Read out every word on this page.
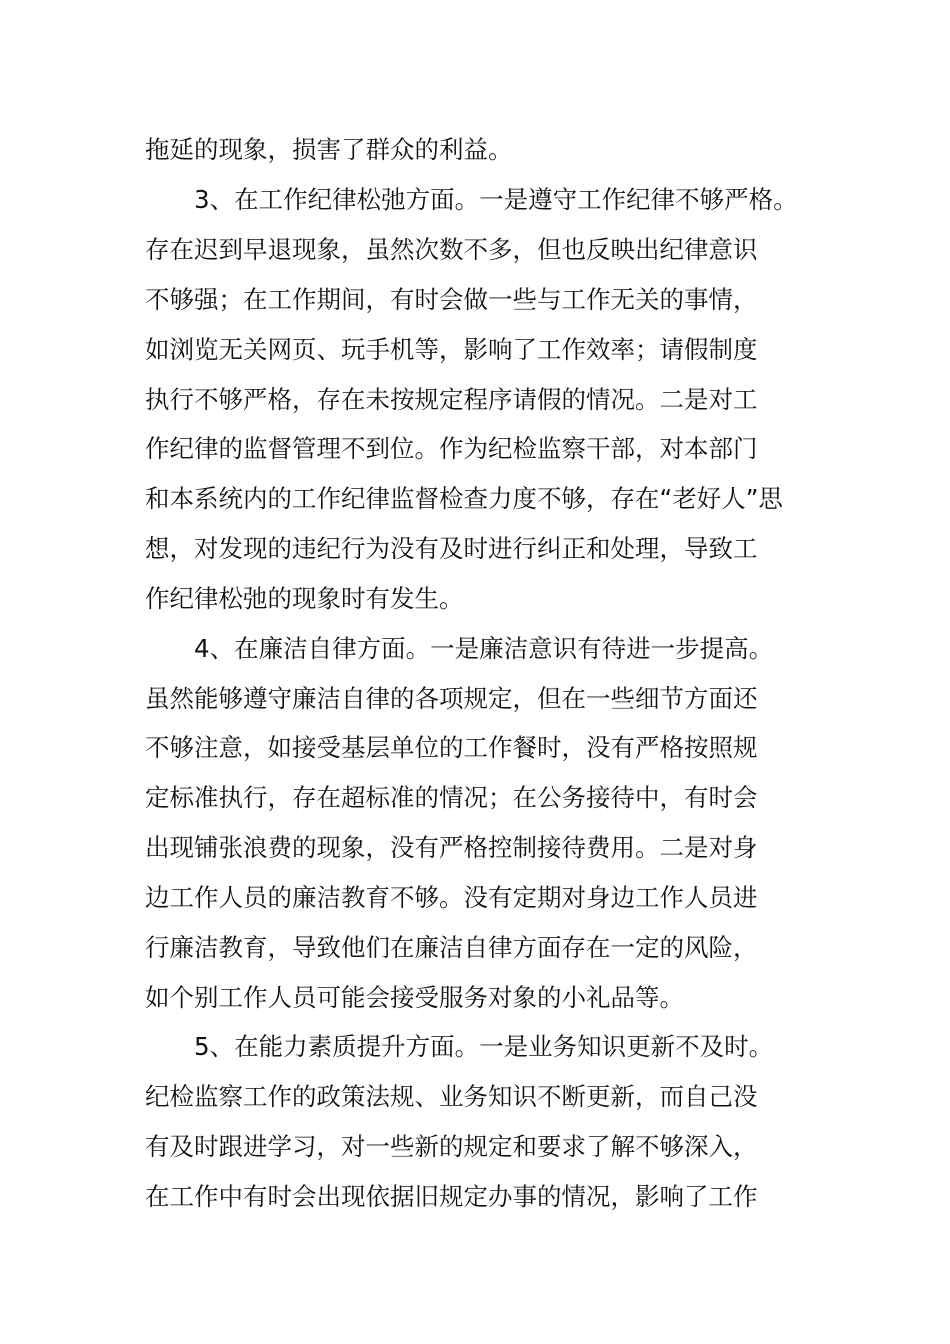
拖延的现象，损害了群众的利益。
3、在工作纪律松弛方面。一是遵守工作纪律不够严格。
存在迟到早退现象，虽然次数不多，但也反映出纪律意识
不够强；在工作期间，有时会做一些与工作无关的事情，
如浏览无关网页、玩手机等，影响了工作效率；请假制度
执行不够严格，存在未按规定程序请假的情况。二是对工
作纪律的监督管理不到位。作为纪检监察干部，对本部门
和本系统内的工作纪律监督检查力度不够，存在“老好人”思
想，对发现的违纪行为没有及时进行纠正和处理，导致工
作纪律松弛的现象时有发生。
4、在廉洁自律方面。一是廉洁意识有待进一步提高。
虽然能够遵守廉洁自律的各项规定，但在一些细节方面还
不够注意，如接受基层单位的工作餐时，没有严格按照规
定标准执行，存在超标准的情况；在公务接待中，有时会
出现铺张浪费的现象，没有严格控制接待费用。二是对身
边工作人员的廉洁教育不够。没有定期对身边工作人员进
行廉洁教育，导致他们在廉洁自律方面存在一定的风险，
如个别工作人员可能会接受服务对象的小礼品等。
5、在能力素质提升方面。一是业务知识更新不及时。
纪检监察工作的政策法规、业务知识不断更新，而自己没
有及时跟进学习，对一些新的规定和要求了解不够深入，
在工作中有时会出现依据旧规定办事的情况，影响了工作
